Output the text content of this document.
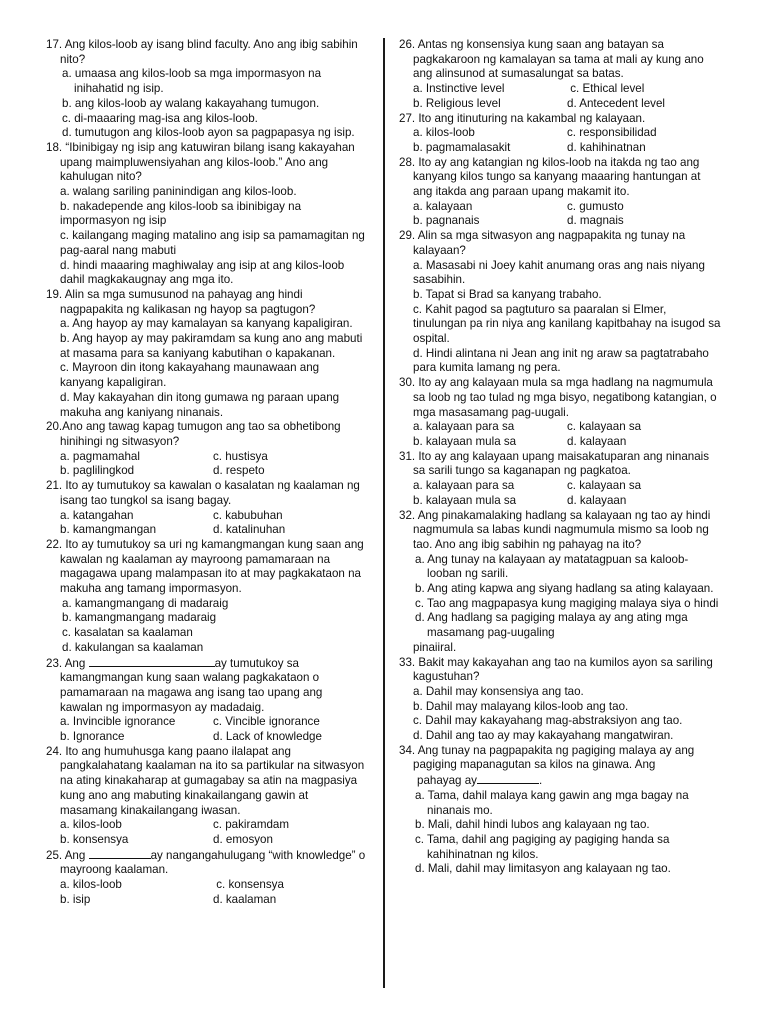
17. Ang kilos-loob ay isang blind faculty. Ano ang ibig sabihin nito?
a. umaasa ang kilos-loob sa mga impormasyon na inihahatid ng isip.
b. ang kilos-loob ay walang kakayahang tumugon.
c. di-maaaring mag-isa ang kilos-loob.
d. tumutugon ang kilos-loob ayon sa pagpapasya ng isip.
18. “Ibinibigay ng isip ang katuwiran bilang isang kakayahan upang maimpluwensiyahan ang kilos-loob.” Ano ang kahulugan nito?
a. walang sariling paninindigan ang kilos-loob.
b. nakadepende ang kilos-loob sa ibinibigay na impormasyon ng isip
c. kailangang maging matalino ang isip sa pamamagitan ng pag-aaral nang mabuti
d. hindi maaaring maghiwalay ang isip at ang kilos-loob dahil magkakaugnay ang mga ito.
19. Alin sa mga sumusunod na pahayag ang hindi nagpapakita ng kalikasan ng hayop sa pagtugon?
a. Ang hayop ay may kamalayan sa kanyang kapaligiran.
b. Ang hayop ay may pakiramdam sa kung ano ang mabuti at masama para sa kaniyang kabutihan o kapakanan.
c. Mayroon din itong kakayahang maunawaan ang kanyang kapaligiran.
d. May kakayahan din itong gumawa ng paraan upang makuha ang kaniyang ninanais.
20.Ano ang tawag kapag tumugon ang tao sa obhetibong hinihingi ng sitwasyon?
a. pagmamahal	c. hustisya
b. paglilingkod	d. respeto
21. Ito ay tumutukoy sa kawalan o kasalatan ng kaalaman ng isang tao tungkol sa isang bagay.
a. katangahan	c. kabubuhan
b. kamangmangan	d. katalinuhan
22. Ito ay tumutukoy sa uri ng kamangmangan kung saan ang kawalan ng kaalaman ay mayroong pamamaraan na magagawa upang malampasan ito at may pagkakataon na makuha ang tamang impormasyon.
a. kamangmangang di madaraig
b. kamangmangang madaraig
c. kasalatan sa kaalaman
d. kakulangan sa kaalaman
23. Ang	ay tumutukoy sa kamangmangan kung saan walang pagkakataon o pamamaraan na magawa ang isang tao upang ang kawalan ng impormasyon ay madadaig.
a. Invincible ignorance	c. Vincible ignorance
b. Ignorance	d. Lack of knowledge
24. Ito ang humuhusga kang paano ilalapat ang pangkalahatang kaalaman na ito sa partikular na sitwasyon na ating kinakaharap at gumagabay sa atin na magpasiya kung ano ang mabuting kinakailangang gawin at masamang kinakailangang iwasan.
a. kilos-loob	c. pakiramdam
b. konsensya	d. emosyon
25. Ang	ay nangangahulugang “with knowledge” o mayroong kaalaman.
a. kilos-loob	c. konsensya
b. isip	d. kaalaman
26. Antas ng konsensiya kung saan ang batayan sa pagkakaroon ng kamalayan sa tama at mali ay kung ano ang alinsunod at sumasalungat sa batas.
a. Instinctive level	c. Ethical level
b. Religious level	d. Antecedent level
27. Ito ang itinuturing na kakambal ng kalayaan.
a. kilos-loob	c. responsibilidad
b. pagmamalasakit	d. kahihinatnan
28. Ito ay ang katangian ng kilos-loob na itakda ng tao ang kanyang kilos tungo sa kanyang maaaring hantungan at ang itakda ang paraan upang makamit ito.
a. kalayaan	c. gumusto
b. pagnanais	d. magnais
29. Alin sa mga sitwasyon ang nagpapakita ng tunay na kalayaan?
a. Masasabi ni Joey kahit anumang oras ang nais niyang sasabihin.
b. Tapat si Brad sa kanyang trabaho.
c. Kahit pagod sa pagtuturo sa paaralan si Elmer, tinulungan pa rin niya ang kanilang kapitbahay na isugod sa ospital.
d. Hindi alintana ni Jean ang init ng araw sa pagtatrabaho para kumita lamang ng pera.
30. Ito ay ang kalayaan mula sa mga hadlang na nagmumula sa loob ng tao tulad ng mga bisyo, negatibong katangian, o mga masasamang pag-uugali.
a. kalayaan para sa	c. kalayaan sa
b. kalayaan mula sa	d. kalayaan
31. Ito ay ang kalayaan upang maisakatuparan ang ninanais sa sarili tungo sa kaganapan ng pagkatoa.
a. kalayaan para sa	c. kalayaan sa
b. kalayaan mula sa	d. kalayaan
32. Ang pinakamalaking hadlang sa kalayaan ng tao ay hindi nagmumula sa labas kundi nagmumula mismo sa loob ng tao. Ano ang ibig sabihin ng pahayag na ito?
a. Ang tunay na kalayaan ay matatagpuan sa kaloob-looban ng sarili.
b. Ang ating kapwa ang siyang hadlang sa ating kalayaan.
c. Tao ang magpapasya kung magiging malaya siya o hindi
d. Ang hadlang sa pagiging malaya ay ang ating mga masamang pag-uugaling
pinaiiral.
33. Bakit may kakayahan ang tao na kumilos ayon sa sariling kagustuhan?
a. Dahil may konsensiya ang tao.
b. Dahil may malayang kilos-loob ang tao.
c. Dahil may kakayahang mag-abstraksiyon ang tao.
d. Dahil ang tao ay may kakayahang mangatwiran.
34. Ang tunay na pagpapakita ng pagiging malaya ay ang pagiging mapanagutan sa kilos na ginawa. Ang
pahayag ay	.
a. Tama, dahil malaya kang gawin ang mga bagay na ninanais mo.
b. Mali, dahil hindi lubos ang kalayaan ng tao.
c. Tama, dahil ang pagiging ay pagiging handa sa kahihinatnan ng kilos.
d. Mali, dahil may limitasyon ang kalayaan ng tao.
